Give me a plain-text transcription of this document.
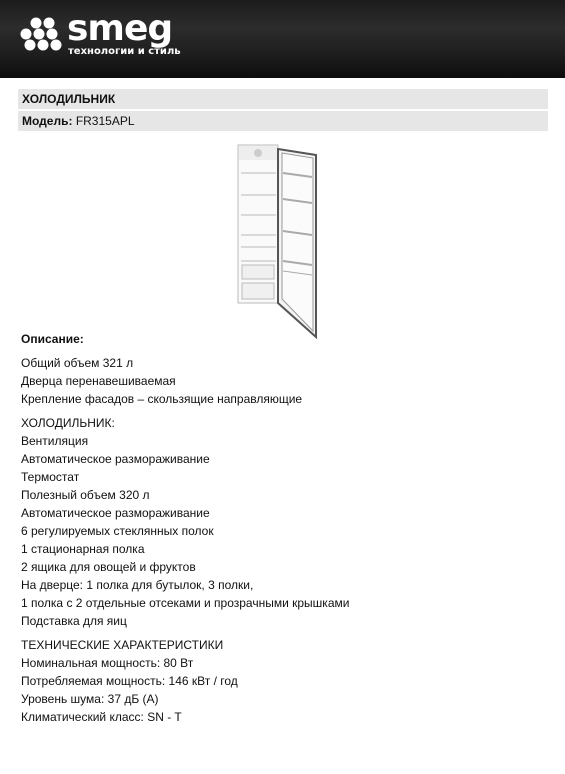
smeg
технологии и стиль
ХОЛОДИЛЬНИК
Модель: FR315APL
Описание:
Общий объем 321 л
Дверца перенавешиваемая
Крепление фасадов – скользящие направляющие
ХОЛОДИЛЬНИК:
Вентиляция
Автоматическое размораживание
Термостат
Полезный объем 320 л
Автоматическое размораживание
6 регулируемых стеклянных полок
1 стационарная полка
2 ящика для овощей и фруктов
На дверце: 1 полка для бутылок, 3 полки,
1 полка с 2 отдельные отсеками и прозрачными крышками
Подставка для яиц
ТЕХНИЧЕСКИЕ ХАРАКТЕРИСТИКИ
Номинальная мощность: 80 Вт
Потребляемая мощность: 146 кВт / год
Уровень шума: 37 дБ (А)
Климатический класс: SN - T
